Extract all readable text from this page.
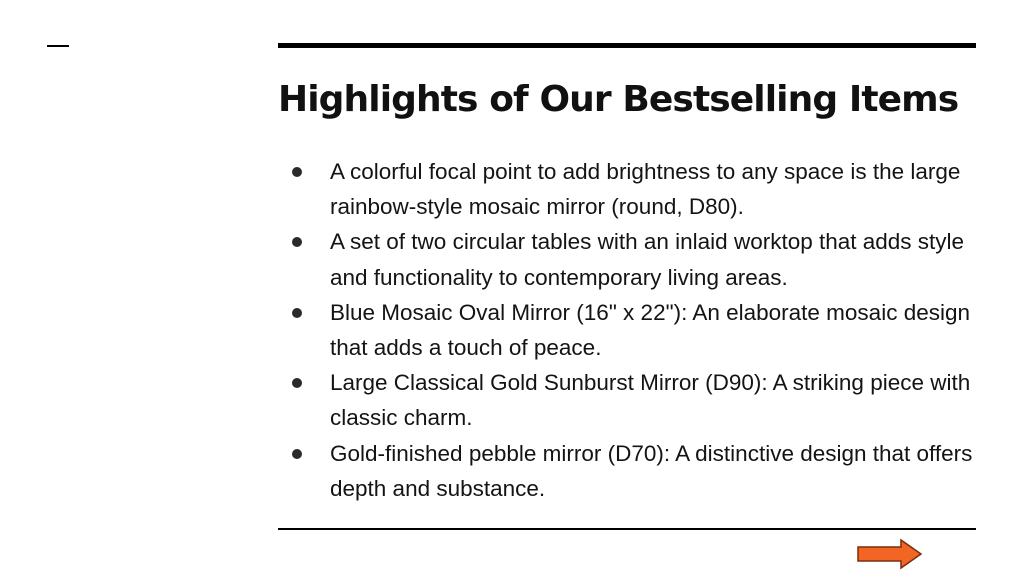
Highlights of Our Bestselling Items
A colorful focal point to add brightness to any space is the large rainbow-style mosaic mirror (round, D80).
A set of two circular tables with an inlaid worktop that adds style and functionality to contemporary living areas.
Blue Mosaic Oval Mirror (16" x 22"): An elaborate mosaic design that adds a touch of peace.
Large Classical Gold Sunburst Mirror (D90): A striking piece with classic charm.
Gold-finished pebble mirror (D70): A distinctive design that offers depth and substance.
